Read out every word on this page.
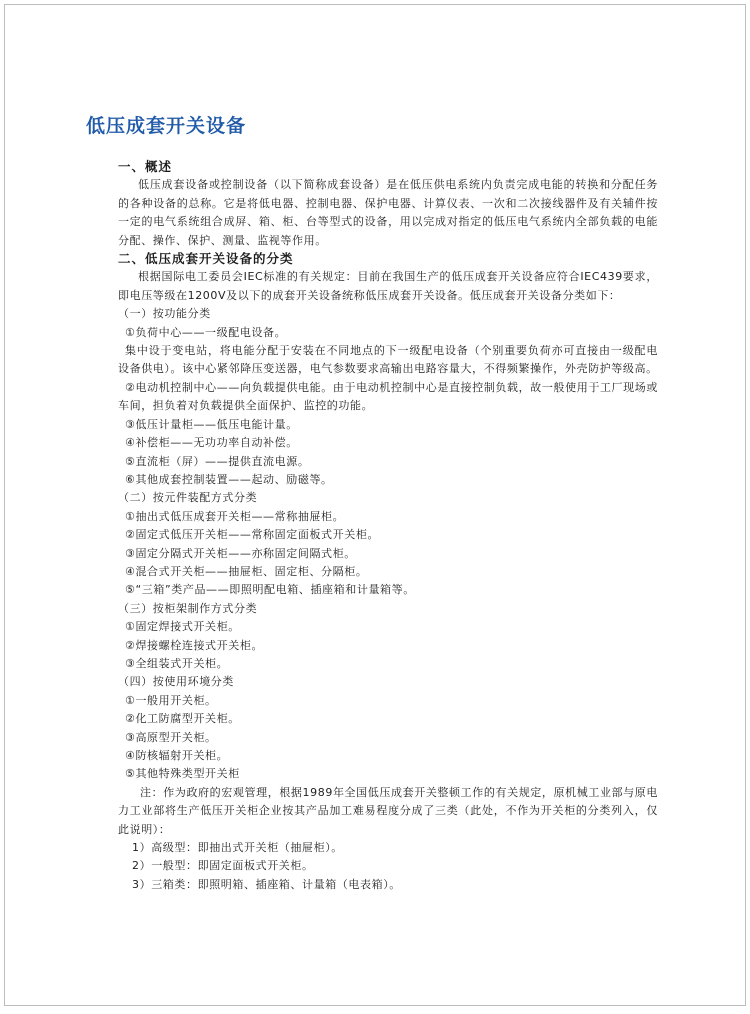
低压成套开关设备
一、概述
低压成套设备或控制设备（以下简称成套设备）是在低压供电系统内负责完成电能的转换和分配任务的各种设备的总称。它是将低电器、控制电器、保护电器、计算仪表、一次和二次接线器件及有关辅件按一定的电气系统组合成屏、箱、柜、台等型式的设备，用以完成对指定的低压电气系统内全部负载的电能分配、操作、保护、测量、监视等作用。
二、低压成套开关设备的分类
根据国际电工委员会IEC标准的有关规定：目前在我国生产的低压成套开关设备应符合IEC439要求，即电压等级在1200V及以下的成套开关设备统称低压成套开关设备。低压成套开关设备分类如下：
（一）按功能分类
①负荷中心——一级配电设备。
集中设于变电站，将电能分配于安装在不同地点的下一级配电设备（个别重要负荷亦可直接由一级配电设备供电）。该中心紧邻降压变送器，电气参数要求高输出电路容量大，不得频繁操作，外壳防护等级高。
②电动机控制中心——向负载提供电能。由于电动机控制中心是直接控制负载，故一般使用于工厂现场或车间，担负着对负载提供全面保护、监控的功能。
③低压计量柜——低压电能计量。
④补偿柜——无功功率自动补偿。
⑤直流柜（屏）——提供直流电源。
⑥其他成套控制装置——起动、励磁等。
（二）按元件装配方式分类
①抽出式低压成套开关柜——常称抽屉柜。
②固定式低压开关柜——常称固定面板式开关柜。
③固定分隔式开关柜——亦称固定间隔式柜。
④混合式开关柜——抽屉柜、固定柜、分隔柜。
⑤“三箱”类产品——即照明配电箱、插座箱和计量箱等。
（三）按柜架制作方式分类
①固定焊接式开关柜。
②焊接螺栓连接式开关柜。
③全组装式开关柜。
（四）按使用环境分类
①一般用开关柜。
②化工防腐型开关柜。
③高原型开关柜。
④防核辐射开关柜。
⑤其他特殊类型开关柜
注：作为政府的宏观管理，根据1989年全国低压成套开关整顿工作的有关规定，原机械工业部与原电力工业部将生产低压开关柜企业按其产品加工难易程度分成了三类（此处，不作为开关柜的分类列入，仅此说明）：
1）高级型：即抽出式开关柜（抽屉柜）。
2）一般型：即固定面板式开关柜。
3）三箱类：即照明箱、插座箱、计量箱（电表箱）。
